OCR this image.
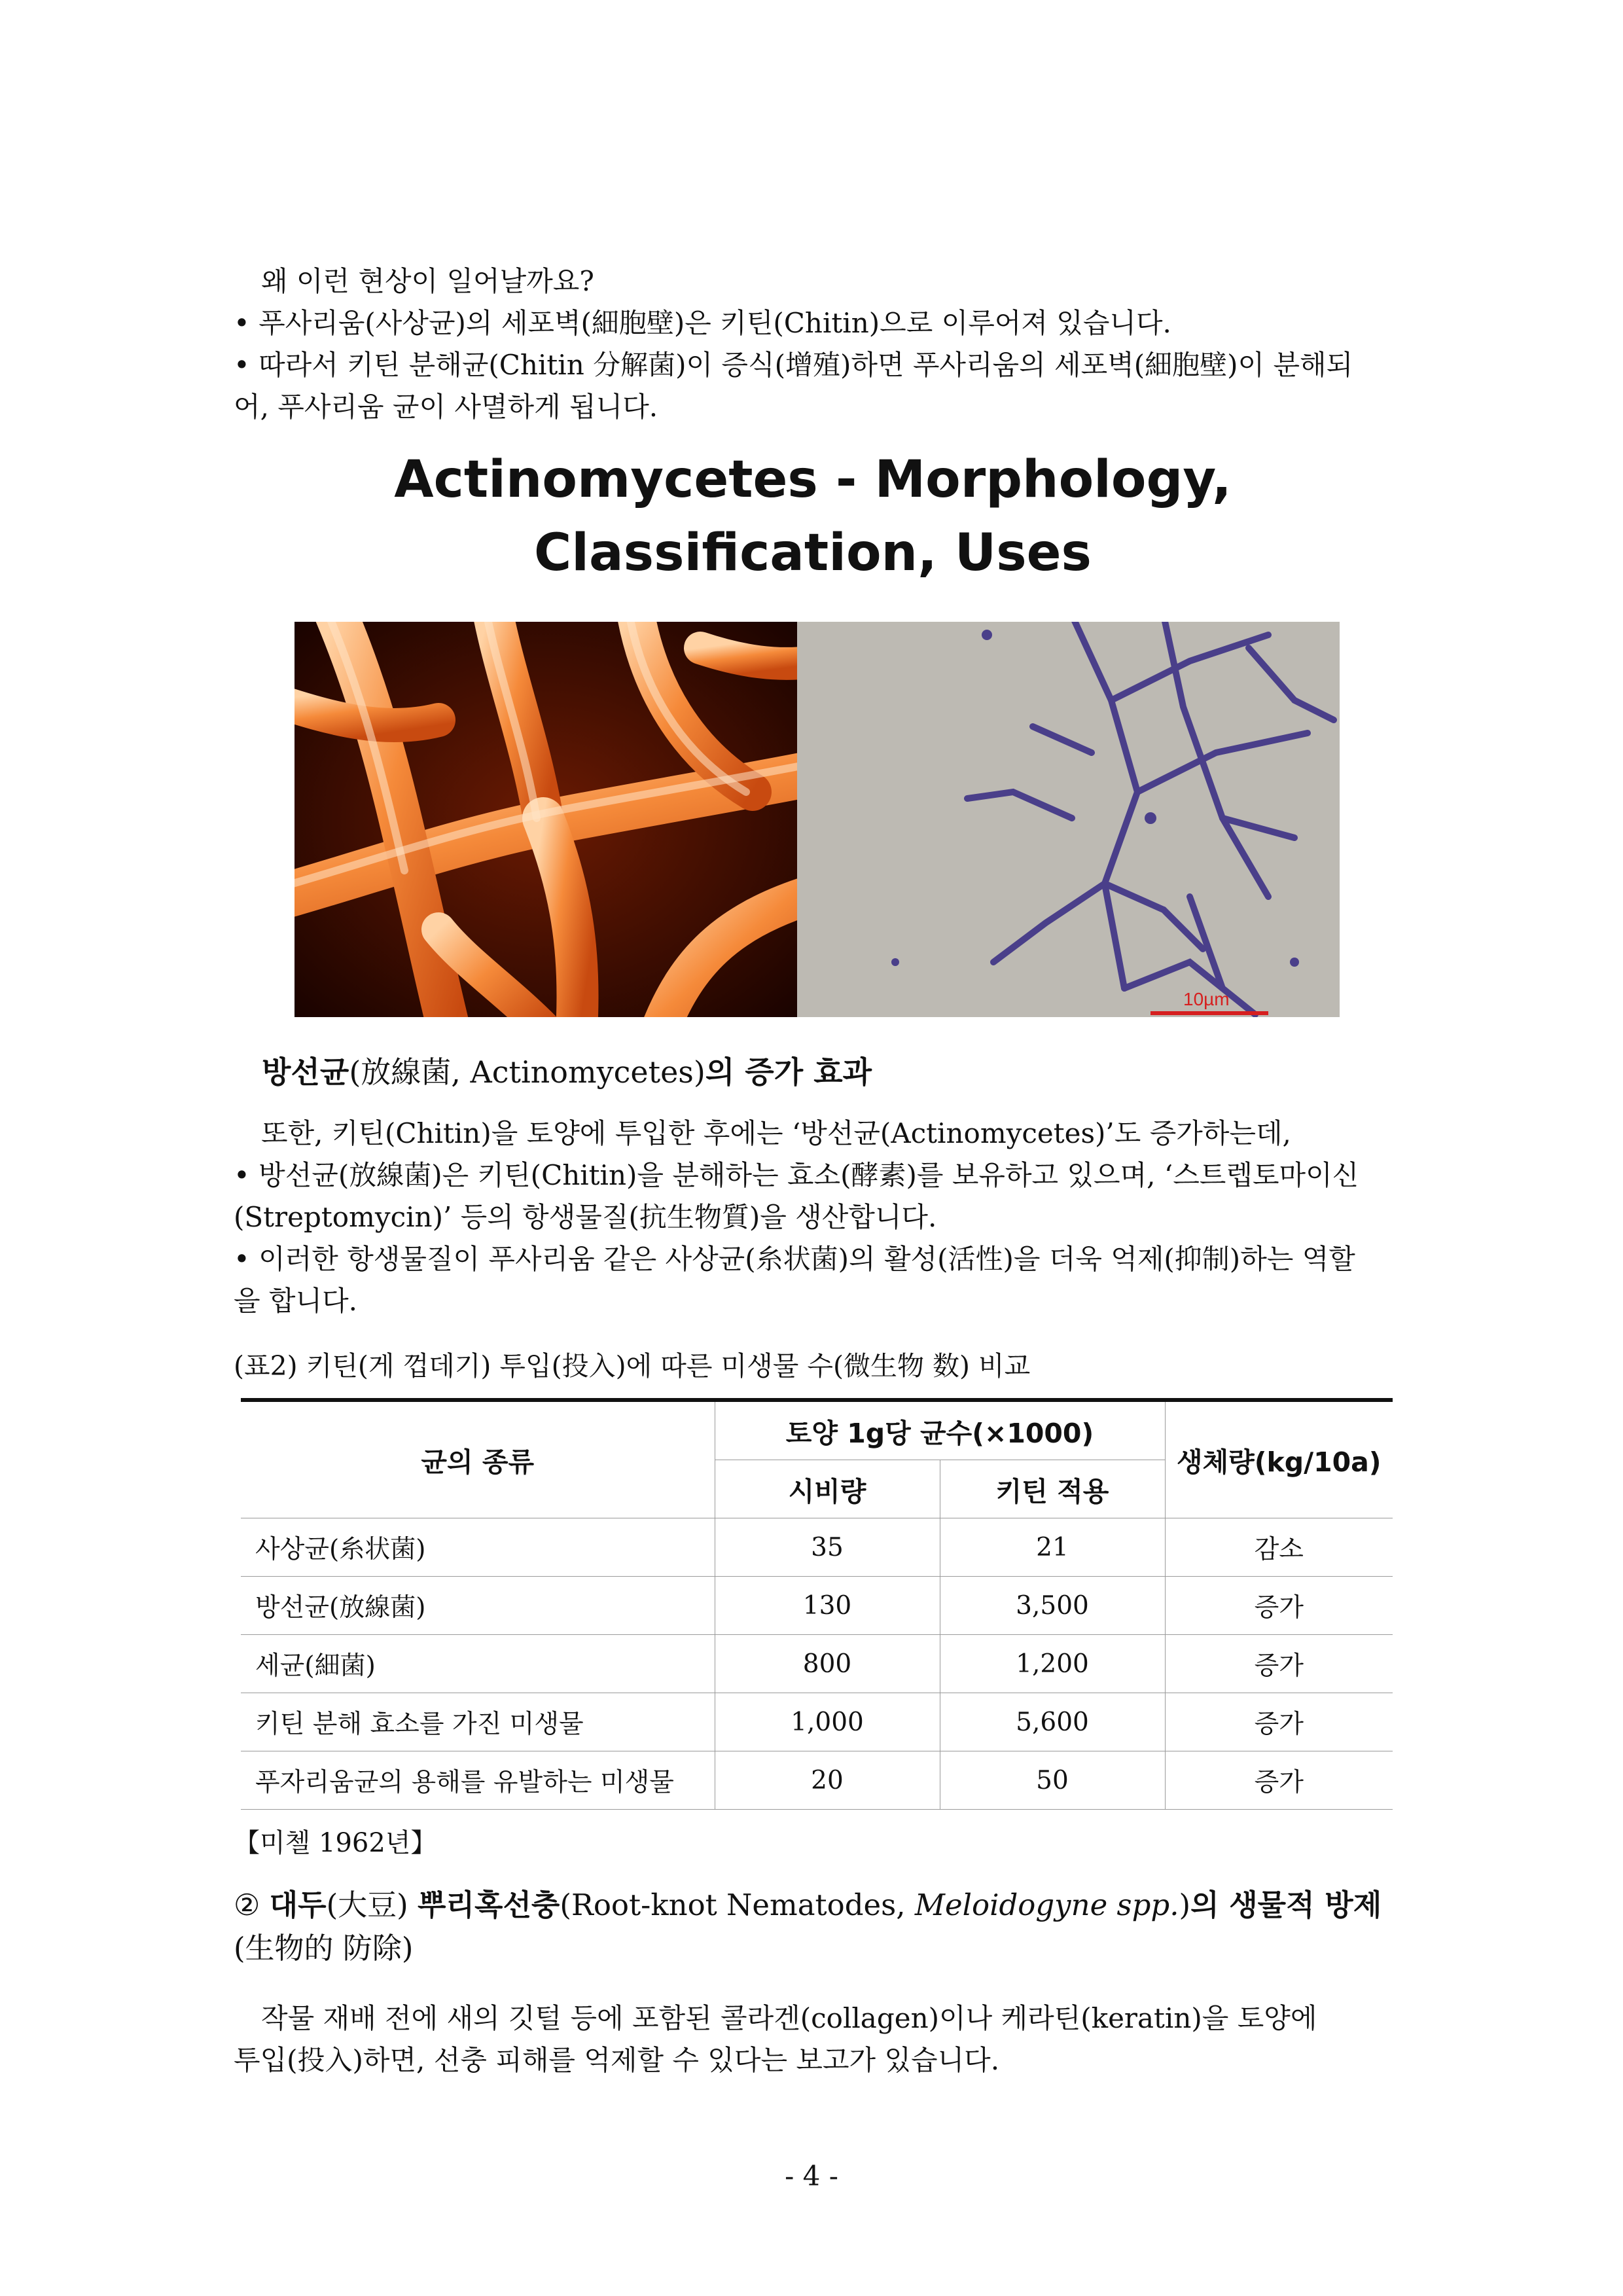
왜 이런 현상이 일어날까요?

• 푸사리움(사상균)의 세포벽(細胞壁)은 키틴(Chitin)으로 이루어져 있습니다.

• 따라서 키틴 분해균(Chitin 分解菌)이 증식(增殖)하면 푸사리움의 세포벽(細胞壁)이 분해되

어, 푸사리움 균이 사멸하게 됩니다.

Actinomycetes - Morphology,

Classification, Uses

10µm

방선균(放線菌, Actinomycetes)의 증가 효과

또한, 키틴(Chitin)을 토양에 투입한 후에는 ‘방선균(Actinomycetes)’도 증가하는데,

• 방선균(放線菌)은 키틴(Chitin)을 분해하는 효소(酵素)를 보유하고 있으며, ‘스트렙토마이신

(Streptomycin)’ 등의 항생물질(抗生物質)을 생산합니다.

• 이러한 항생물질이 푸사리움 같은 사상균(糸状菌)의 활성(活性)을 더욱 억제(抑制)하는 역할

을 합니다.

(표2) 키틴(게 껍데기) 투입(投入)에 따른 미생물 수(微生物 数) 비교

균의 종류	토양 1g당 균수(×1000)		생체량(kg/10a)
	시비량	키틴 적용	
사상균(糸状菌)	35	21	감소
방선균(放線菌)	130	3,500	증가
세균(細菌)	800	1,200	증가
키틴 분해 효소를 가진 미생물	1,000	5,600	증가
푸자리움균의 용해를 유발하는 미생물	20	50	증가

【미첼 1962년】

② 대두(大豆) 뿌리혹선충(Root-knot Nematodes, Meloidogyne spp.)의 생물적 방제
(生物的 防除)

작물 재배 전에 새의 깃털 등에 포함된 콜라겐(collagen)이나 케라틴(keratin)을 토양에

투입(投入)하면, 선충 피해를 억제할 수 있다는 보고가 있습니다.

- 4 -
